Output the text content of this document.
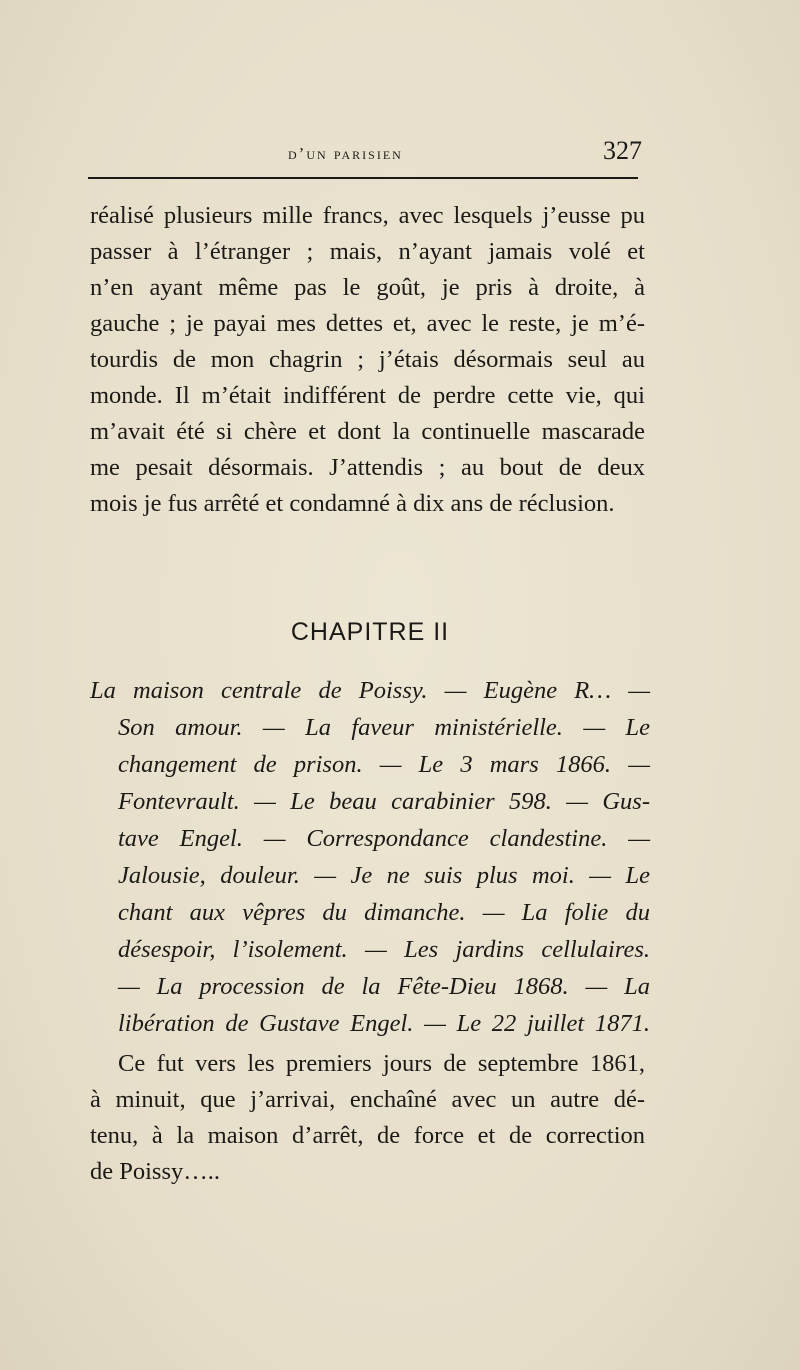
d’un parisien	327
réalisé plusieurs mille francs, avec lesquels j’eusse pu
passer à l’étranger ; mais, n’ayant jamais volé et
n’en ayant même pas le goût, je pris à droite, à
gauche ; je payai mes dettes et, avec le reste, je m’é-
tourdis de mon chagrin ; j’étais désormais seul au
monde. Il m’était indifférent de perdre cette vie, qui
m’avait été si chère et dont la continuelle mascarade
me pesait désormais. J’attendis ; au bout de deux
mois je fus arrêté et condamné à dix ans de réclusion.
CHAPITRE II
La maison centrale de Poissy. — Eugène R… —
Son amour. — La faveur ministérielle. — Le
changement de prison. — Le 3 mars 1866. —
Fontevrault. — Le beau carabinier 598. — Gus-
tave Engel. — Correspondance clandestine. —
Jalousie, douleur. — Je ne suis plus moi. — Le
chant aux vêpres du dimanche. — La folie du
désespoir, l’isolement. — Les jardins cellulaires.
— La procession de la Fête-Dieu 1868. — La
libération de Gustave Engel. — Le 22 juillet 1871.
Ce fut vers les premiers jours de septembre 1861,
à minuit, que j’arrivai, enchaîné avec un autre dé-
tenu, à la maison d’arrêt, de force et de correction
de Poissy…..
